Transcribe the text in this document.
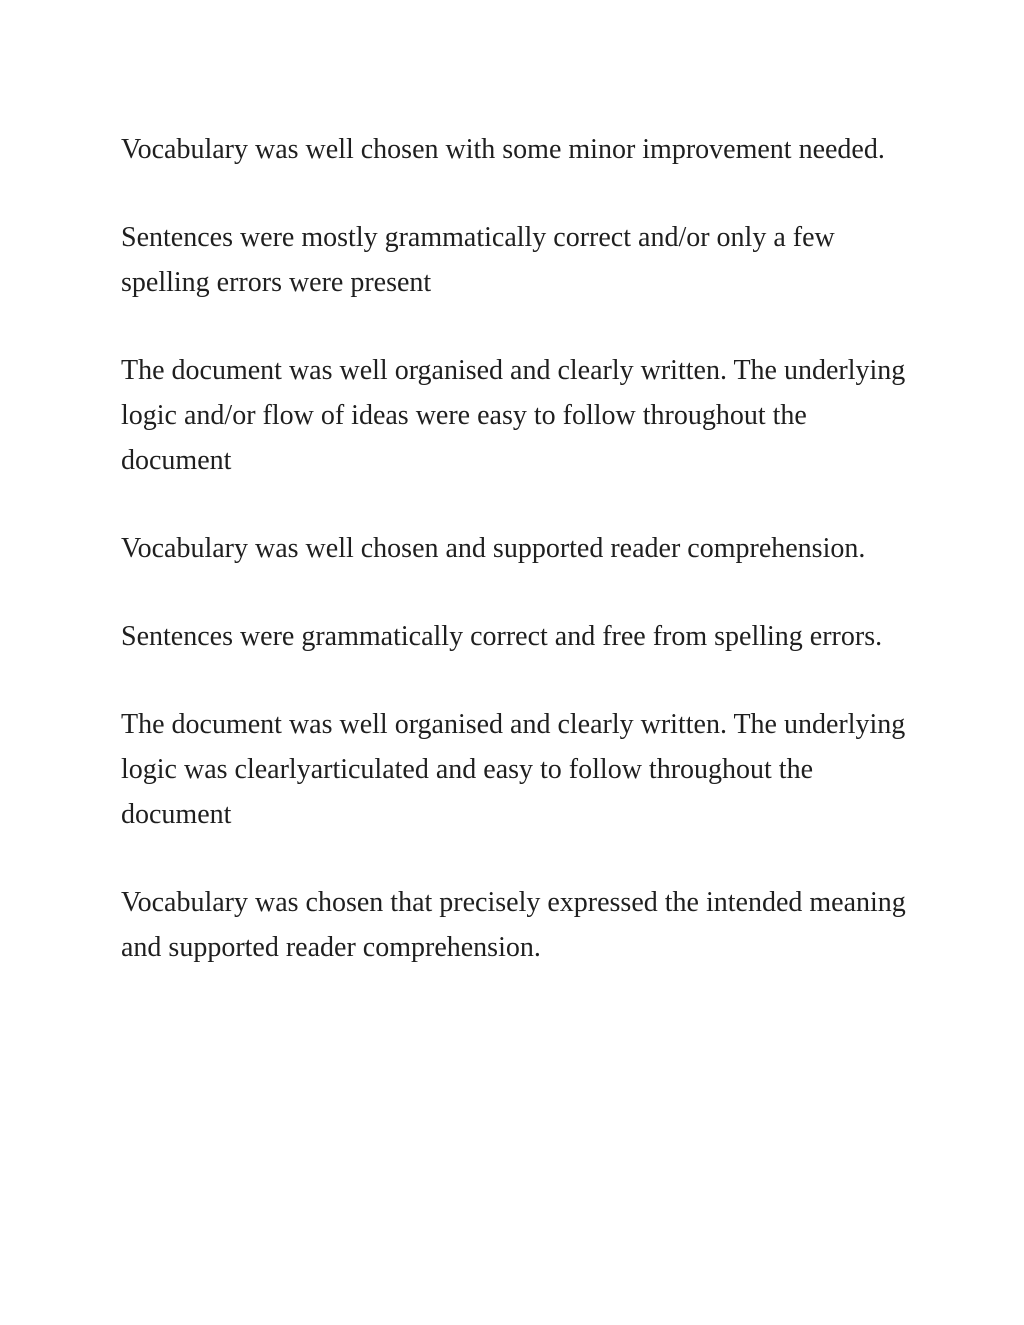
Vocabulary was well chosen with some minor improvement needed.

Sentences were mostly grammatically correct and/or only a few spelling errors were present

The document was well organised and clearly written. The underlying logic and/or flow of ideas were easy to follow throughout the document

Vocabulary was well chosen and supported reader comprehension.

Sentences were grammatically correct and free from spelling errors.

The document was well organised and clearly written. The underlying logic was clearlyarticulated and easy to follow throughout the document

Vocabulary was chosen that precisely expressed the intended meaning and supported reader comprehension.
